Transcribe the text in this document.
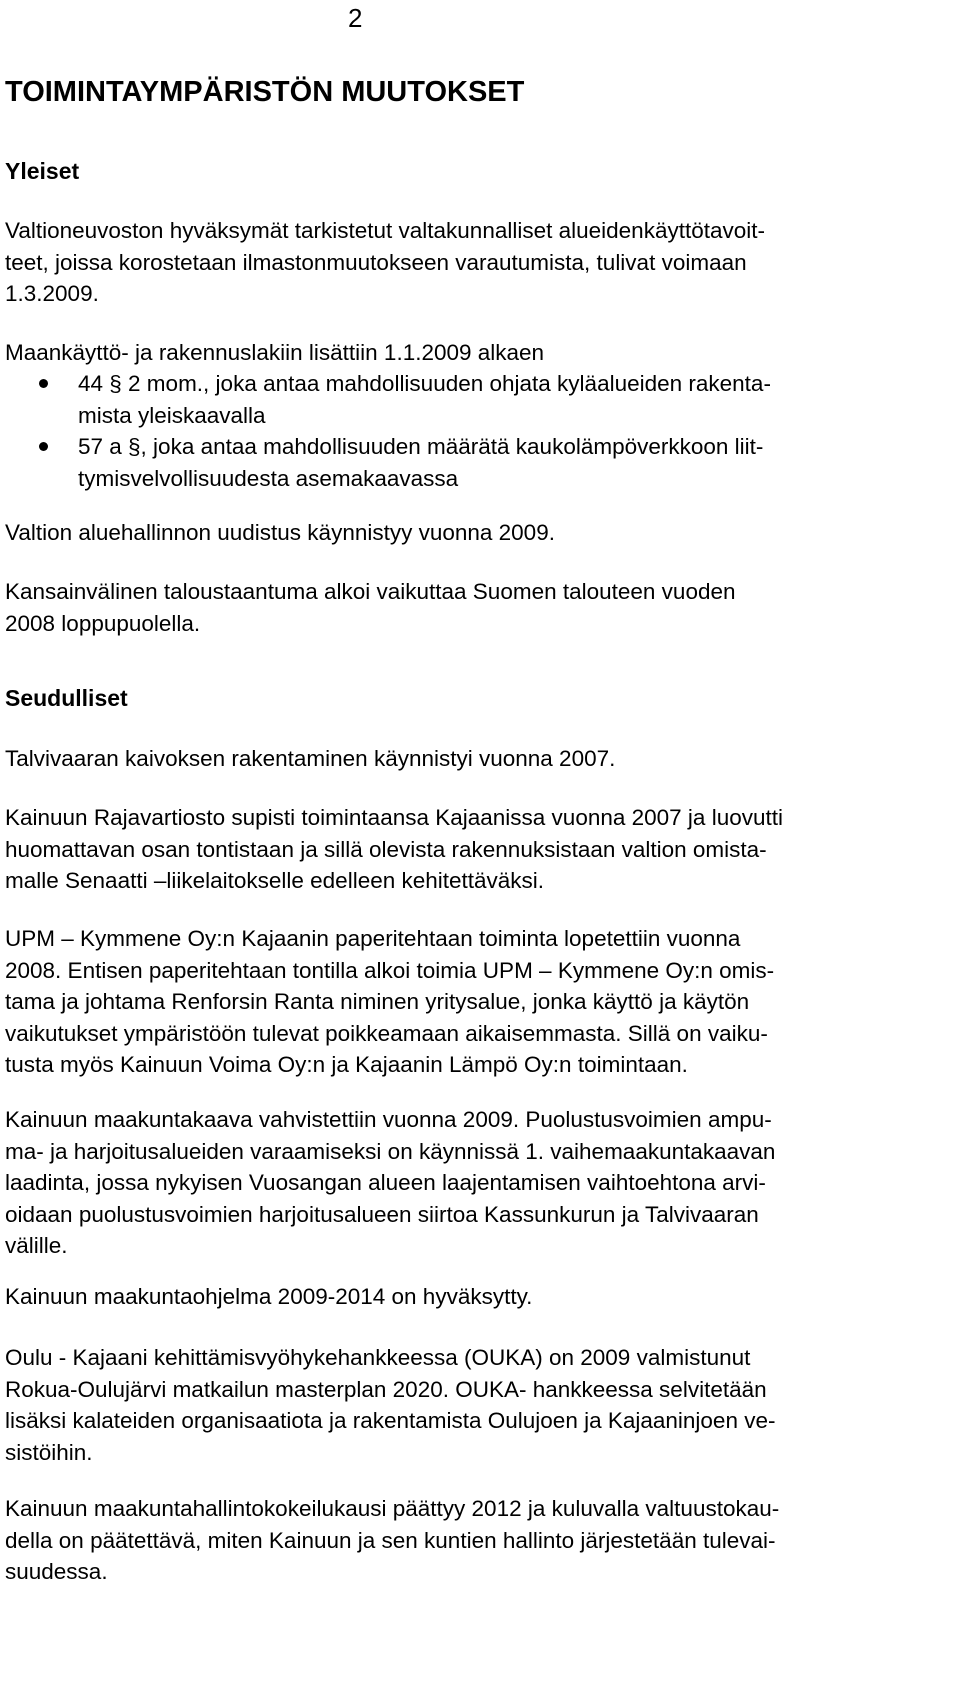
2
TOIMINTAYMPÄRISTÖN MUUTOKSET
Yleiset

Valtioneuvoston hyväksymät tarkistetut valtakunnalliset alueidenkäyttötavoit-
teet, joissa korostetaan ilmastonmuutokseen varautumista, tulivat voimaan
1.3.2009.

Maankäyttö- ja rakennuslakiin lisättiin 1.1.2009 alkaen

44 § 2 mom., joka antaa mahdollisuuden ohjata kyläalueiden rakenta-
mista yleiskaavalla
57 a §, joka antaa mahdollisuuden määrätä kaukolämpöverkkoon liit-
tymisvelvollisuudesta asemakaavassa

Valtion aluehallinnon uudistus käynnistyy vuonna 2009.

Kansainvälinen taloustaantuma alkoi vaikuttaa Suomen talouteen vuoden
2008 loppupuolella.

Seudulliset

Talvivaaran kaivoksen rakentaminen käynnistyi vuonna 2007.

Kainuun Rajavartiosto supisti toimintaansa Kajaanissa vuonna 2007 ja luovutti
huomattavan osan tontistaan ja sillä olevista rakennuksistaan valtion omista-
malle Senaatti –liikelaitokselle edelleen kehitettäväksi.

UPM – Kymmene Oy:n Kajaanin paperitehtaan toiminta lopetettiin vuonna
2008. Entisen paperitehtaan tontilla alkoi toimia UPM – Kymmene Oy:n omis-
tama ja johtama Renforsin Ranta niminen yritysalue, jonka käyttö ja käytön
vaikutukset ympäristöön tulevat poikkeamaan aikaisemmasta. Sillä on vaiku-
tusta myös Kainuun Voima Oy:n ja Kajaanin Lämpö Oy:n toimintaan.

Kainuun maakuntakaava vahvistettiin vuonna 2009. Puolustusvoimien ampu-
ma- ja harjoitusalueiden varaamiseksi on käynnissä 1. vaihemaakuntakaavan
laadinta, jossa nykyisen Vuosangan alueen laajentamisen vaihtoehtona arvi-
oidaan puolustusvoimien harjoitusalueen siirtoa Kassunkurun ja Talvivaaran
välille.

Kainuun maakuntaohjelma 2009-2014 on hyväksytty.

Oulu - Kajaani kehittämisvyöhykehankkeessa (OUKA) on 2009 valmistunut
Rokua-Oulujärvi matkailun masterplan 2020. OUKA- hankkeessa selvitetään
lisäksi kalateiden organisaatiota ja rakentamista Oulujoen ja Kajaaninjoen ve-
sistöihin.

Kainuun maakuntahallintokokeilukausi päättyy 2012 ja kuluvalla valtuustokau-
della on päätettävä, miten Kainuun ja sen kuntien hallinto järjestetään tulevai-
suudessa.
